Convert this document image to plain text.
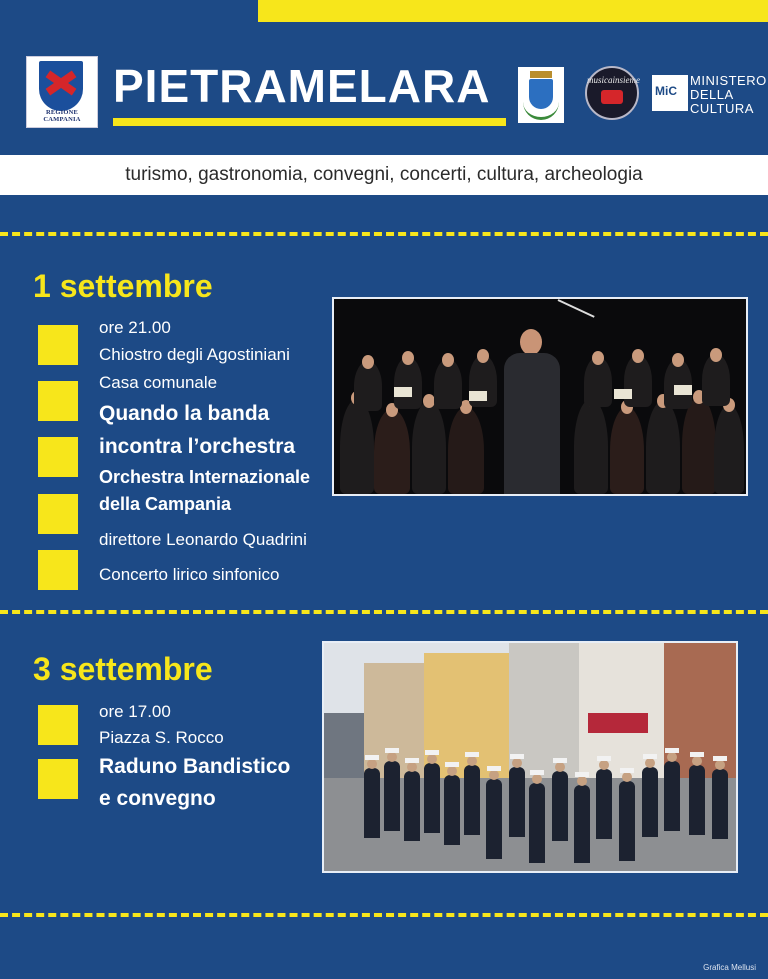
REGIONE CAMPANIA
PIETRAMELARA	musicainsieme
MiC
MINISTERO
DELLA
CULTURA
turismo, gastronomia, convegni, concerti, cultura, archeologia
1 settembre
ore 21.00
Chiostro degli Agostiniani
Casa comunale
Quando la banda
incontra l’orchestra
Orchestra Internazionale
della Campania
direttore Leonardo Quadrini
Concerto lirico sinfonico
3 settembre
ore 17.00
Piazza S. Rocco
Raduno Bandistico
e convegno
Grafica Mellusi
